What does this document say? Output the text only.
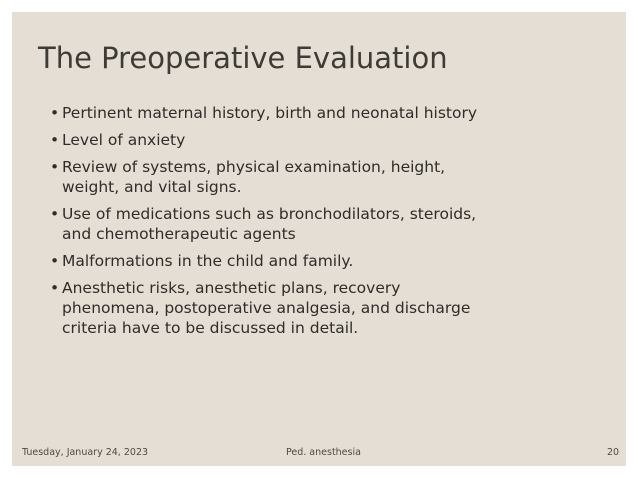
The Preoperative Evaluation
• Pertinent maternal history, birth and neonatal history
• Level of anxiety
• Review of systems, physical examination, height, weight, and vital signs.
• Use of medications such as bronchodilators, steroids, and chemotherapeutic agents
• Malformations in the child and family.
• Anesthetic risks, anesthetic plans, recovery phenomena, postoperative analgesia, and discharge criteria have to be discussed in detail.
Tuesday, January 24, 2023	Ped. anesthesia	20
